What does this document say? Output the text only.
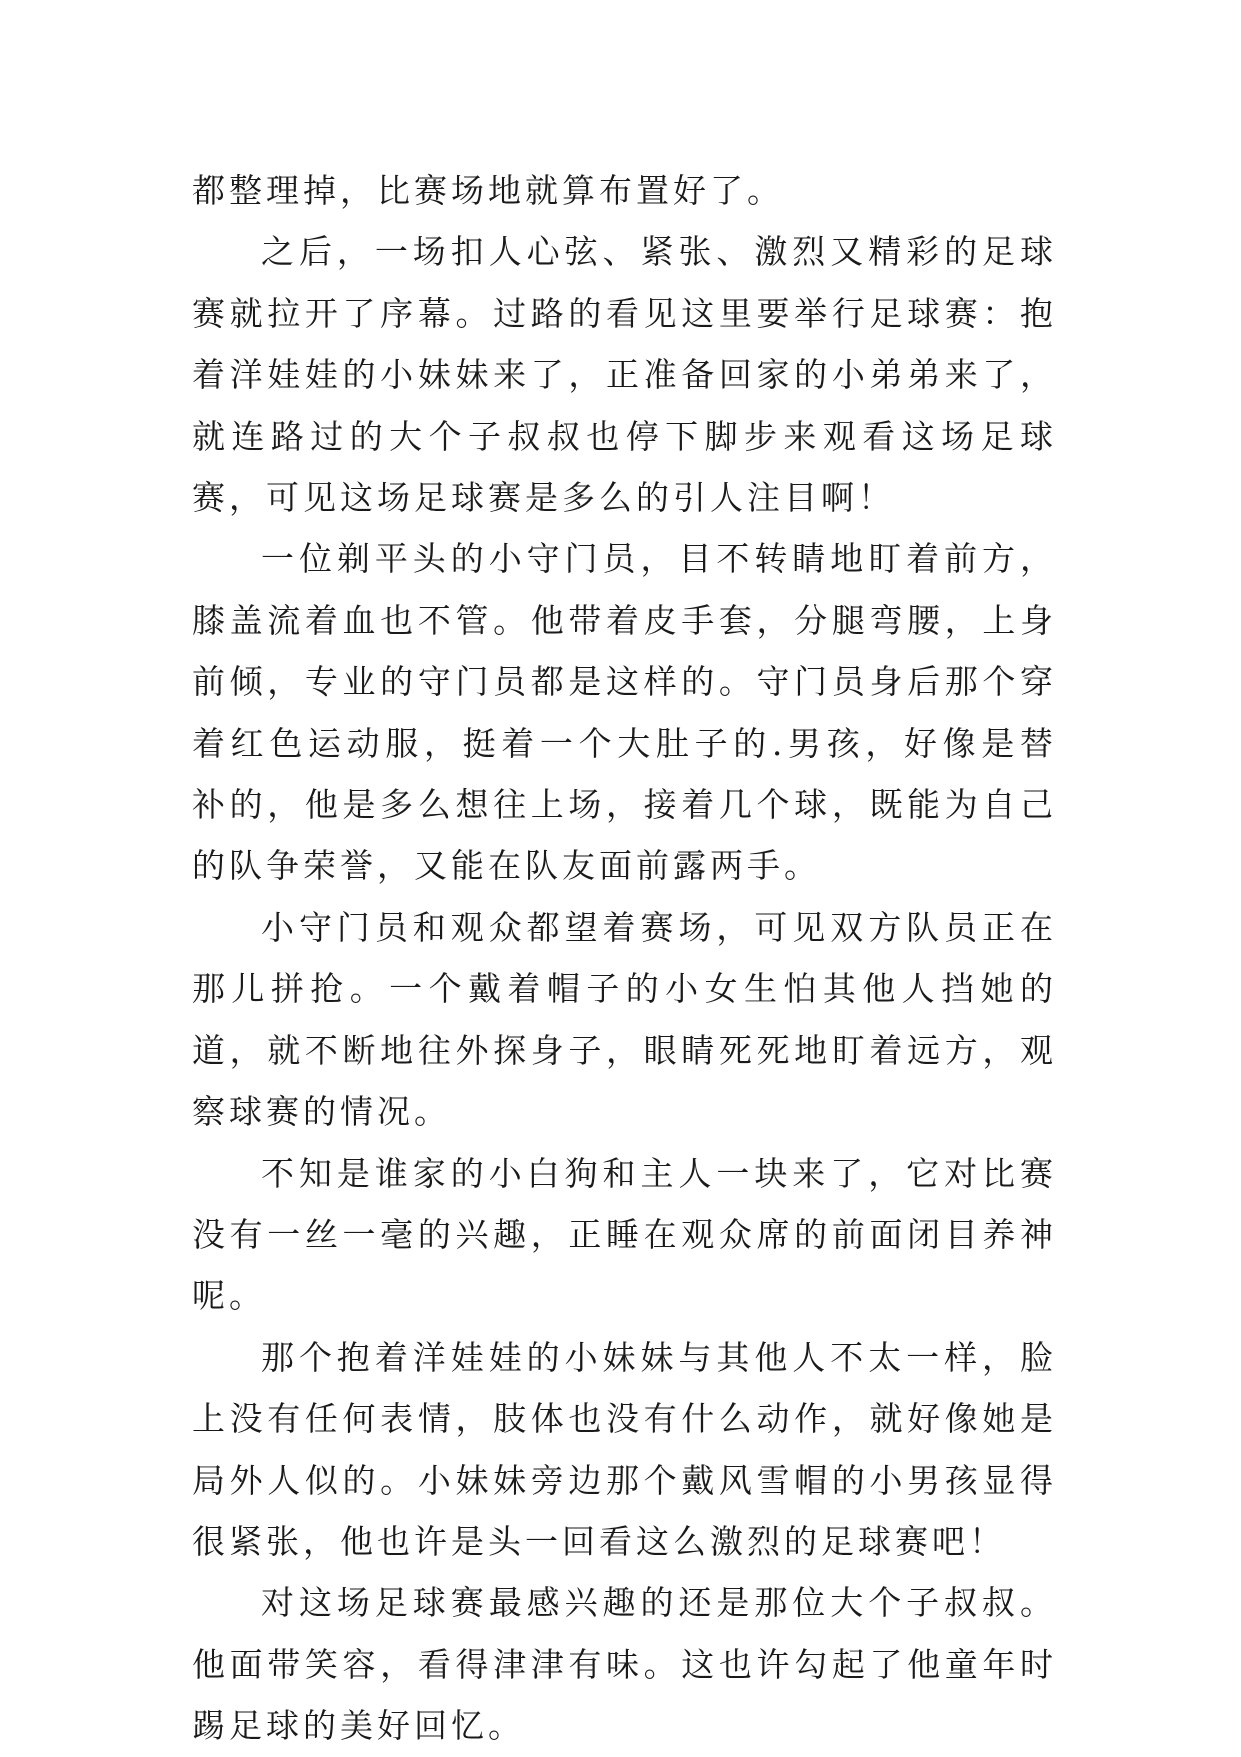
都整理掉，比赛场地就算布置好了。

之后，一场扣人心弦、紧张、激烈又精彩的足球赛就拉开了序幕。过路的看见这里要举行足球赛：抱着洋娃娃的小妹妹来了，正准备回家的小弟弟来了，就连路过的大个子叔叔也停下脚步来观看这场足球赛，可见这场足球赛是多么的引人注目啊！

一位剃平头的小守门员，目不转睛地盯着前方，膝盖流着血也不管。他带着皮手套，分腿弯腰，上身前倾，专业的守门员都是这样的。守门员身后那个穿着红色运动服，挺着一个大肚子的.男孩，好像是替补的，他是多么想往上场，接着几个球，既能为自己的队争荣誉，又能在队友面前露两手。

小守门员和观众都望着赛场，可见双方队员正在那儿拼抢。一个戴着帽子的小女生怕其他人挡她的道，就不断地往外探身子，眼睛死死地盯着远方，观察球赛的情况。

不知是谁家的小白狗和主人一块来了，它对比赛没有一丝一毫的兴趣，正睡在观众席的前面闭目养神呢。

那个抱着洋娃娃的小妹妹与其他人不太一样，脸上没有任何表情，肢体也没有什么动作，就好像她是局外人似的。小妹妹旁边那个戴风雪帽的小男孩显得很紧张，他也许是头一回看这么激烈的足球赛吧！

对这场足球赛最感兴趣的还是那位大个子叔叔。他面带笑容，看得津津有味。这也许勾起了他童年时踢足球的美好回忆。
